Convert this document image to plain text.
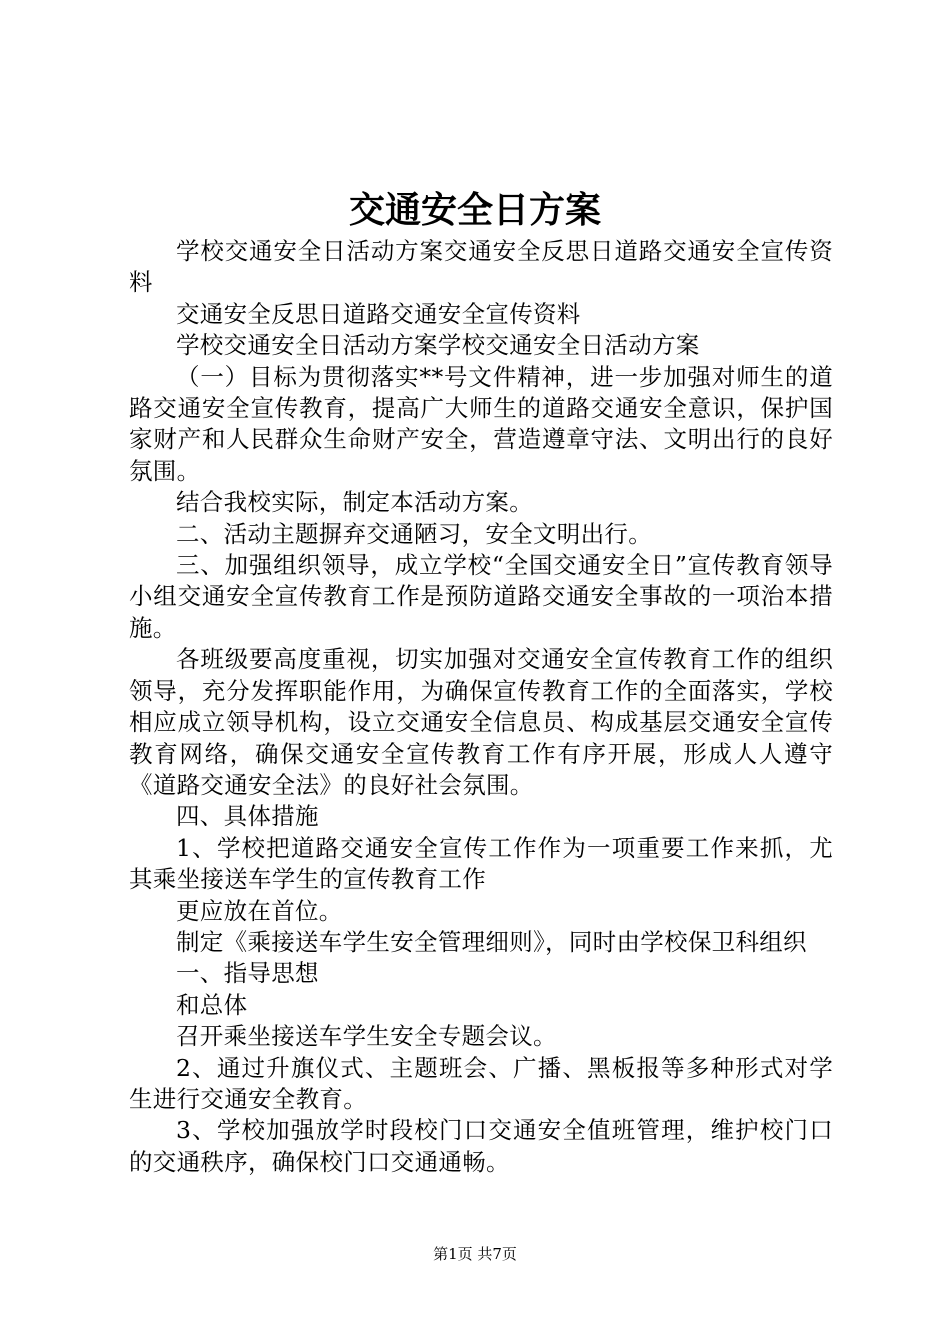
交通安全日方案

学校交通安全日活动方案交通安全反思日道路交通安全宣传资料

交通安全反思日道路交通安全宣传资料

学校交通安全日活动方案学校交通安全日活动方案

（一）目标为贯彻落实**号文件精神，进一步加强对师生的道路交通安全宣传教育，提高广大师生的道路交通安全意识，保护国家财产和人民群众生命财产安全，营造遵章守法、文明出行的良好氛围。

结合我校实际，制定本活动方案。

二、活动主题摒弃交通陋习，安全文明出行。

三、加强组织领导，成立学校“全国交通安全日”宣传教育领导小组交通安全宣传教育工作是预防道路交通安全事故的一项治本措施。

各班级要高度重视，切实加强对交通安全宣传教育工作的组织领导，充分发挥职能作用，为确保宣传教育工作的全面落实，学校相应成立领导机构，设立交通安全信息员、构成基层交通安全宣传教育网络，确保交通安全宣传教育工作有序开展，形成人人遵守《道路交通安全法》的良好社会氛围。

四、具体措施

1、学校把道路交通安全宣传工作作为一项重要工作来抓，尤其乘坐接送车学生的宣传教育工作

更应放在首位。

制定《乘接送车学生安全管理细则》，同时由学校保卫科组织

一、指导思想

和总体

召开乘坐接送车学生安全专题会议。

2、通过升旗仪式、主题班会、广播、黑板报等多种形式对学生进行交通安全教育。

3、学校加强放学时段校门口交通安全值班管理，维护校门口的交通秩序，确保校门口交通通畅。

第1页 共7页
